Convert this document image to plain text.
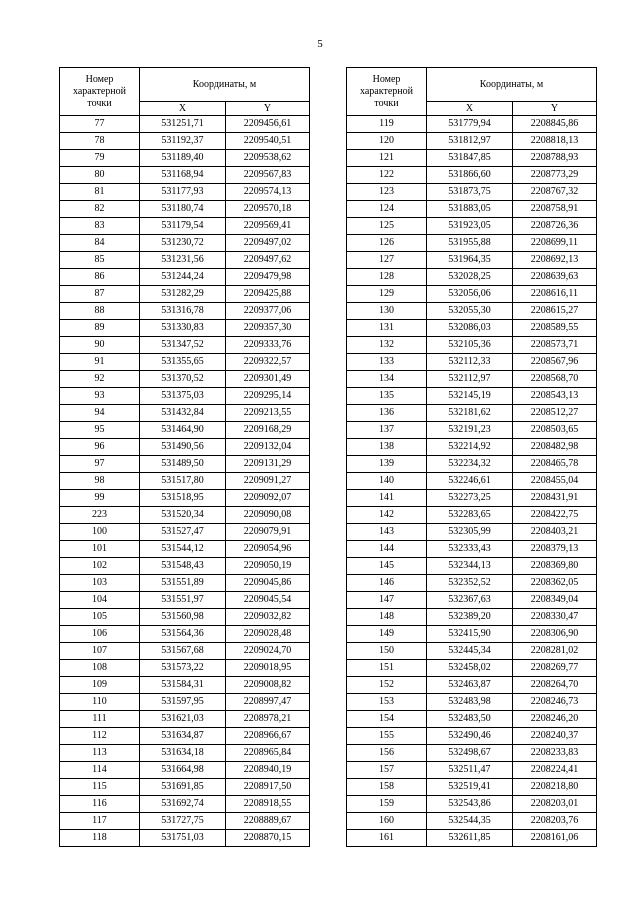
5
Номер характерной точки	Координаты, м	
	X	Y
77	531251,71	2209456,61
78	531192,37	2209540,51
79	531189,40	2209538,62
80	531168,94	2209567,83
81	531177,93	2209574,13
82	531180,74	2209570,18
83	531179,54	2209569,41
84	531230,72	2209497,02
85	531231,56	2209497,62
86	531244,24	2209479,98
87	531282,29	2209425,88
88	531316,78	2209377,06
89	531330,83	2209357,30
90	531347,52	2209333,76
91	531355,65	2209322,57
92	531370,52	2209301,49
93	531375,03	2209295,14
94	531432,84	2209213,55
95	531464,90	2209168,29
96	531490,56	2209132,04
97	531489,50	2209131,29
98	531517,80	2209091,27
99	531518,95	2209092,07
223	531520,34	2209090,08
100	531527,47	2209079,91
101	531544,12	2209054,96
102	531548,43	2209050,19
103	531551,89	2209045,86
104	531551,97	2209045,54
105	531560,98	2209032,82
106	531564,36	2209028,48
107	531567,68	2209024,70
108	531573,22	2209018,95
109	531584,31	2209008,82
110	531597,95	2208997,47
111	531621,03	2208978,21
112	531634,87	2208966,67
113	531634,18	2208965,84
114	531664,98	2208940,19
115	531691,85	2208917,50
116	531692,74	2208918,55
117	531727,75	2208889,67
118	531751,03	2208870,15
Номер характерной точки	Координаты, м	
	X	Y
119	531779,94	2208845,86
120	531812,97	2208818,13
121	531847,85	2208788,93
122	531866,60	2208773,29
123	531873,75	2208767,32
124	531883,05	2208758,91
125	531923,05	2208726,36
126	531955,88	2208699,11
127	531964,35	2208692,13
128	532028,25	2208639,63
129	532056,06	2208616,11
130	532055,30	2208615,27
131	532086,03	2208589,55
132	532105,36	2208573,71
133	532112,33	2208567,96
134	532112,97	2208568,70
135	532145,19	2208543,13
136	532181,62	2208512,27
137	532191,23	2208503,65
138	532214,92	2208482,98
139	532234,32	2208465,78
140	532246,61	2208455,04
141	532273,25	2208431,91
142	532283,65	2208422,75
143	532305,99	2208403,21
144	532333,43	2208379,13
145	532344,13	2208369,80
146	532352,52	2208362,05
147	532367,63	2208349,04
148	532389,20	2208330,47
149	532415,90	2208306,90
150	532445,34	2208281,02
151	532458,02	2208269,77
152	532463,87	2208264,70
153	532483,98	2208246,73
154	532483,50	2208246,20
155	532490,46	2208240,37
156	532498,67	2208233,83
157	532511,47	2208224,41
158	532519,41	2208218,80
159	532543,86	2208203,01
160	532544,35	2208203,76
161	532611,85	2208161,06
